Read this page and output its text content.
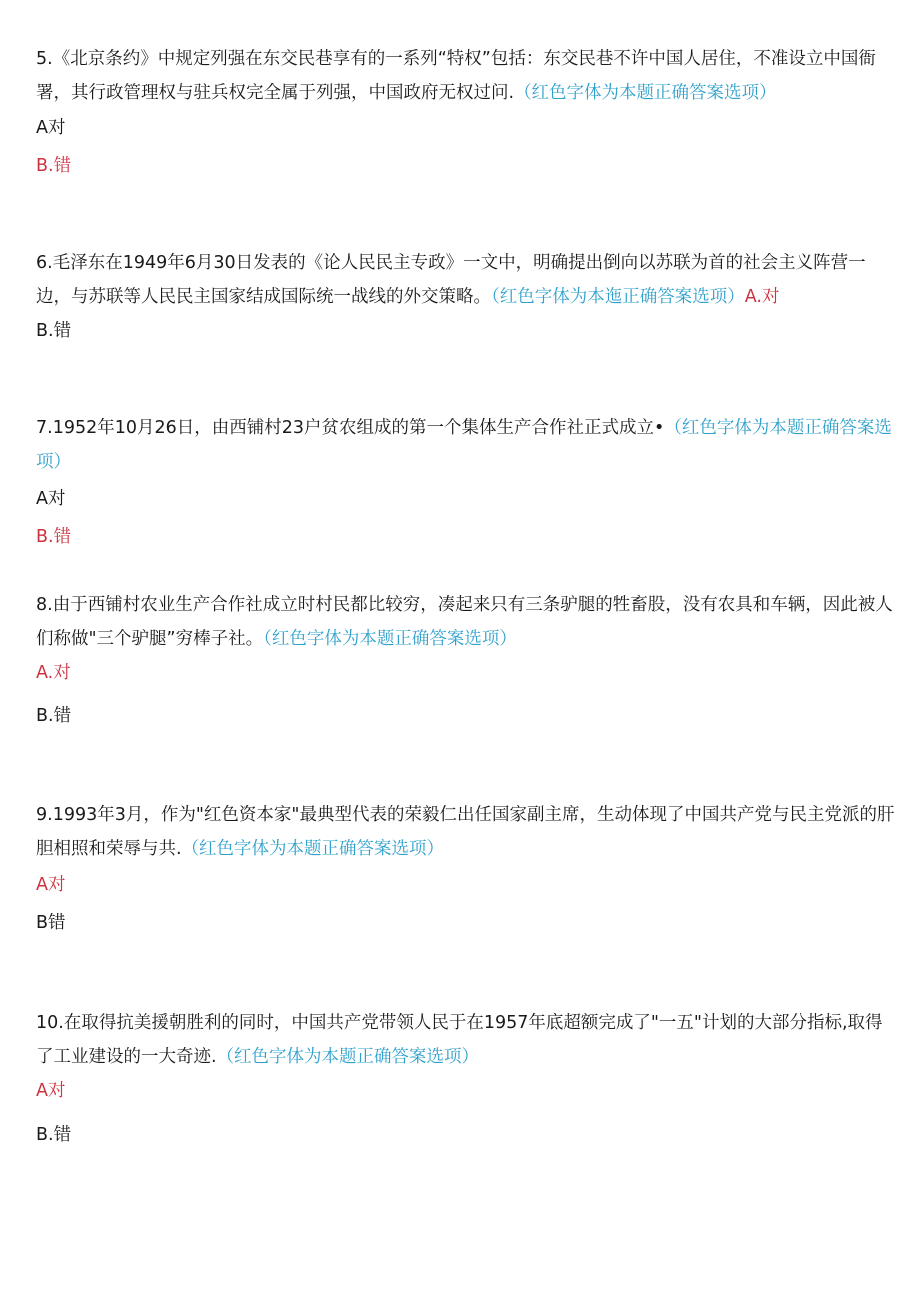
5.《北京条约》中规定列强在东交民巷享有的一系列“特权”包括：东交民巷不许中国人居住，不准设立中国衙署，其行政管理权与驻兵权完全属于列强，中国政府无权过问.（红色字体为本题正确答案选项）
A对
B.错
6.毛泽东在1949年6月30日发表的《论人民民主专政》一文中，明确提出倒向以苏联为首的社会主义阵营一边，与苏联等人民民主国家结成国际统一战线的外交策略。（红色字体为本迤正确答案选项）A.对
B.错
7.1952年10月26日，由西铺村23户贫农组成的第一个集体生产合作社正式成立•（红色字体为本题正确答案选项）
A对
B.错
8.由于西铺村农业生产合作社成立时村民都比较穷，凑起来只有三条驴腿的牲畜股，没有农具和车辆，因此被人们称做"三个驴腿”穷棒子社。（红色字体为本题正确答案选项）
A.对
B.错
9.1993年3月，作为"红色资本家"最典型代表的荣毅仁出任国家副主席，生动体现了中国共产党与民主党派的肝胆相照和荣辱与共.（红色字体为本题正确答案选项）
A对
B错
10.在取得抗美援朝胜利的同时，中国共产党带领人民于在1957年底超额完成了"一五"计划的大部分指标,取得了工业建设的一大奇迹.（红色字体为本题正确答案选项）
A对
B.错
